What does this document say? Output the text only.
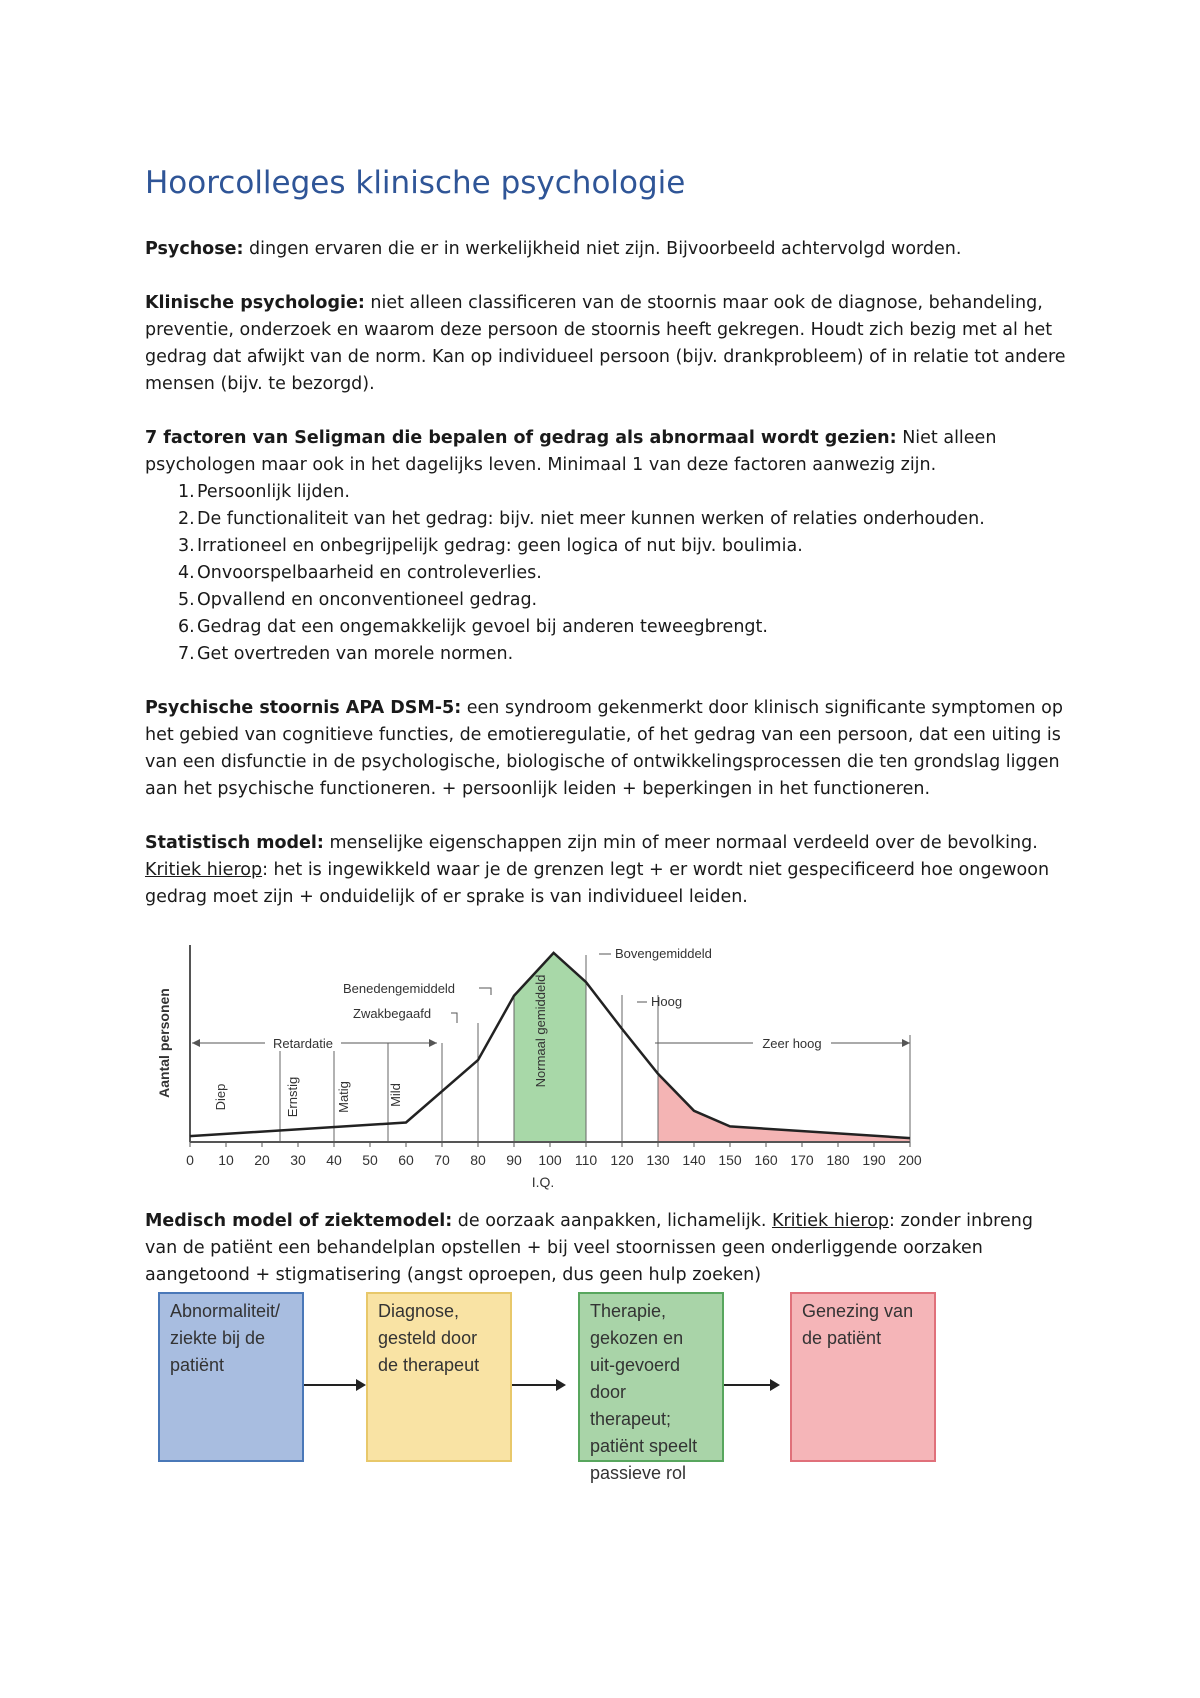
Hoorcolleges klinische psychologie

Psychose: dingen ervaren die er in werkelijkheid niet zijn. Bijvoorbeeld achtervolgd worden.

Klinische psychologie: niet alleen classificeren van de stoornis maar ook de diagnose, behandeling, preventie, onderzoek en waarom deze persoon de stoornis heeft gekregen. Houdt zich bezig met al het gedrag dat afwijkt van de norm. Kan op individueel persoon (bijv. drankprobleem) of in relatie tot andere mensen (bijv. te bezorgd).

7 factoren van Seligman die bepalen of gedrag als abnormaal wordt gezien: Niet alleen psychologen maar ook in het dagelijks leven. Minimaal 1 van deze factoren aanwezig zijn.

1. Persoonlijk lijden.
2. De functionaliteit van het gedrag: bijv. niet meer kunnen werken of relaties onderhouden.
3. Irrationeel en onbegrijpelijk gedrag: geen logica of nut bijv. boulimia.
4. Onvoorspelbaarheid en controleverlies.
5. Opvallend en onconventioneel gedrag.
6. Gedrag dat een ongemakkelijk gevoel bij anderen teweegbrengt.
7. Get overtreden van morele normen.

Psychische stoornis APA DSM-5: een syndroom gekenmerkt door klinisch significante symptomen op het gebied van cognitieve functies, de emotieregulatie, of het gedrag van een persoon, dat een uiting is van een disfunctie in de psychologische, biologische of ontwikkelingsprocessen die ten grondslag liggen aan het psychische functioneren. + persoonlijk leiden + beperkingen in het functioneren.

Statistisch model: menselijke eigenschappen zijn min of meer normaal verdeeld over de bevolking.
Kritiek hierop: het is ingewikkeld waar je de grenzen legt + er wordt niet gespecificeerd hoe ongewoon gedrag moet zijn + onduidelijk of er sprake is van individueel leiden.

0 10 20 30 40 50 60 70 80 90 100 110 120 130 140 150 160 170 180 190 200
Aantal personen
I.Q.
Retardatie	Zeer hoog
Diep	Ernstig	Matig	Mild
Normaal gemiddeld
Benedengemiddeld
Zwakbegaafd
Bovengemiddeld
Hoog

Medisch model of ziektemodel: de oorzaak aanpakken, lichamelijk. Kritiek hierop: zonder inbreng van de patiënt een behandelplan opstellen + bij veel stoornissen geen onderliggende oorzaken aangetoond + stigmatisering (angst oproepen, dus geen hulp zoeken)

Abnormaliteit/ ziekte bij de patiënt
Diagnose, gesteld door de therapeut
Therapie, gekozen en uit-gevoerd door therapeut; patiënt speelt passieve rol
Genezing van de patiënt
